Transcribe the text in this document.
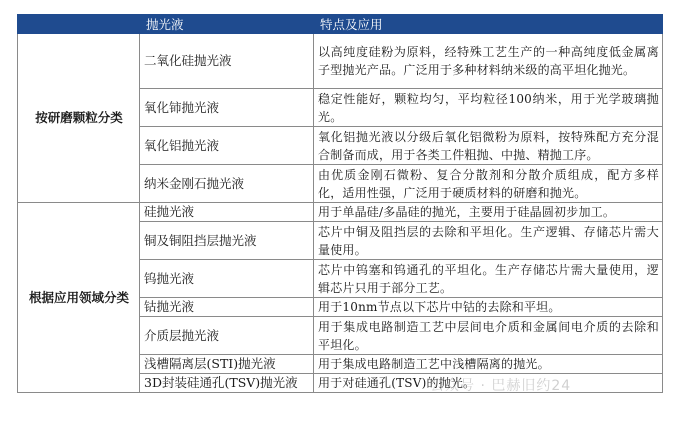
	抛光液	特点及应用
按研磨颗粒分类	二氧化硅抛光液	以高纯度硅粉为原料，经特殊工艺生产的一种高纯度低金属离子型抛光产品。广泛用于多种材料纳米级的高平坦化抛光。
	氧化铈抛光液	稳定性能好，颗粒均匀，平均粒径100纳米，用于光学玻璃抛光。
	氧化铝抛光液	氧化铝抛光液以分级后氧化铝微粉为原料，按特殊配方充分混合制备而成，用于各类工件粗抛、中抛、精抛工序。
	纳米金刚石抛光液	由优质金刚石微粉、复合分散剂和分散介质组成，配方多样化，适用性强，广泛用于硬质材料的研磨和抛光。
根据应用领域分类	硅抛光液	用于单晶硅/多晶硅的抛光，主要用于硅晶圆初步加工。
	铜及铜阻挡层抛光液	芯片中铜及阻挡层的去除和平坦化。生产逻辑、存储芯片需大量使用。
	钨抛光液	芯片中钨塞和钨通孔的平坦化。生产存储芯片需大量使用，逻辑芯片只用于部分工艺。
	钴抛光液	用于10nm节点以下芯片中钴的去除和平坦。
	介质层抛光液	用于集成电路制造工艺中层间电介质和金属间电介质的去除和平坦化。
	浅槽隔离层(STI)抛光液	用于集成电路制造工艺中浅槽隔离的抛光。
	3D封装硅通孔(TSV)抛光液	用于对硅通孔(TSV)的抛光。
公众号 · 巴赫旧约24
